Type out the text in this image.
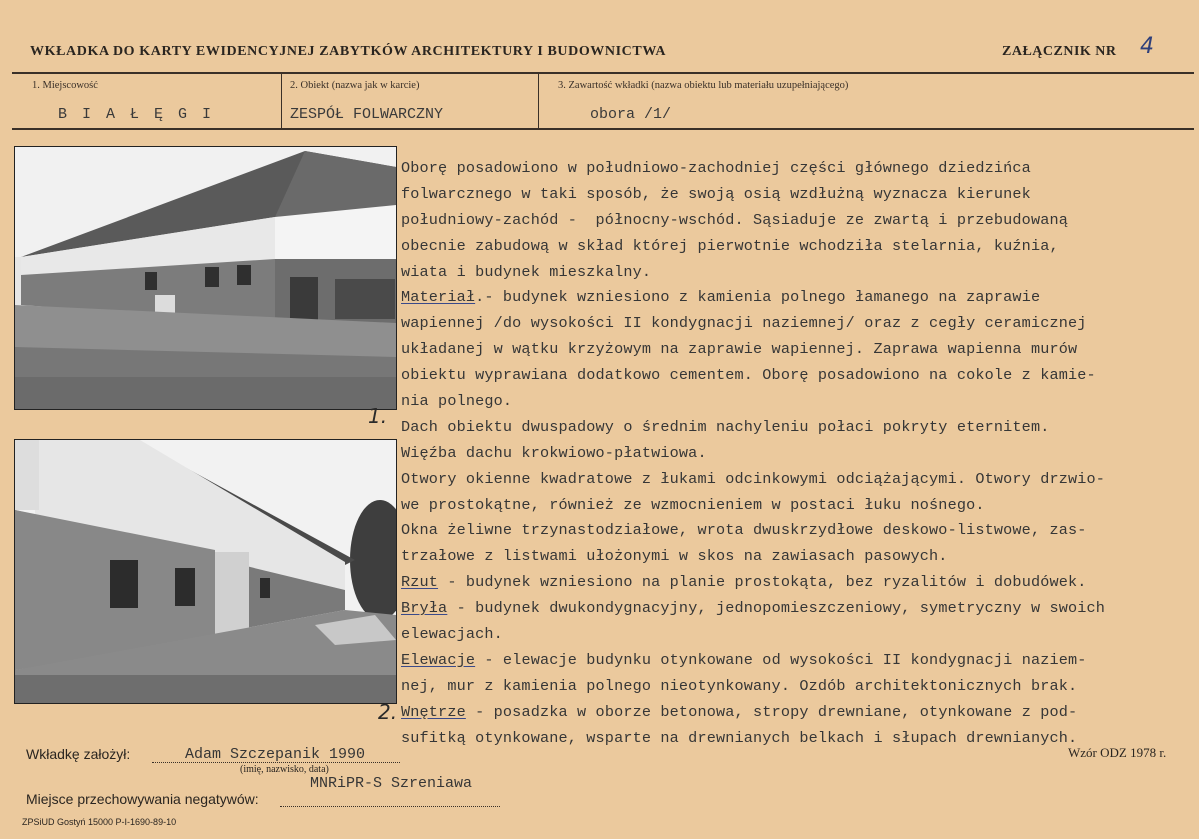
WKŁADKA DO KARTY EWIDENCYJNEJ ZABYTKÓW ARCHITEKTURY I BUDOWNICTWA	ZAŁĄCZNIK NR 4
1. Miejscowość
B I A Ł Ę G I
2. Obiekt (nazwa jak w karcie)
ZESPÓŁ FOLWARCZNY
3. Zawartość wkładki (nazwa obiektu lub materiału uzupełniającego)
obora /1/
1.
2.
Oborę posadowiono w południowo-zachodniej części głównego dziedzińca
folwarcznego w taki sposób, że swoją osią wzdłużną wyznacza kierunek
południowy-zachód -  północny-wschód. Sąsiaduje ze zwartą i przebudowaną
obecnie zabudową w skład której pierwotnie wchodziła stelarnia, kuźnia,
wiata i budynek mieszkalny.
Materiał.- budynek wzniesiono z kamienia polnego łamanego na zaprawie
wapiennej /do wysokości II kondygnacji naziemnej/ oraz z cegły ceramicznej
układanej w wątku krzyżowym na zaprawie wapiennej. Zaprawa wapienna murów
obiektu wyprawiana dodatkowo cementem. Oborę posadowiono na cokole z kamie-
nia polnego.
Dach obiektu dwuspadowy o średnim nachyleniu połaci pokryty eternitem.
Więźba dachu krokwiowo-płatwiowa.
Otwory okienne kwadratowe z łukami odcinkowymi odciążającymi. Otwory drzwio-
we prostokątne, również ze wzmocnieniem w postaci łuku nośnego.
Okna żeliwne trzynastodziałowe, wrota dwuskrzydłowe deskowo-listwowe, zas-
trzałowe z listwami ułożonymi w skos na zawiasach pasowych.
Rzut - budynek wzniesiono na planie prostokąta, bez ryzalitów i dobudówek.
Bryła - budynek dwukondygnacyjny, jednopomieszczeniowy, symetryczny w swoich
elewacjach.
Elewacje - elewacje budynku otynkowane od wysokości II kondygnacji naziem-
nej, mur z kamienia polnego nieotynkowany. Ozdób architektonicznych brak.
Wnętrze - posadzka w oborze betonowa, stropy drewniane, otynkowane z pod-
sufitką otynkowane, wsparte na drewnianych belkach i słupach drewnianych.
Wkładkę założył:	Adam Szczepanik 1990
(imię, nazwisko, data)
Miejsce przechowywania negatywów:
MNRiPR-S Szreniawa
Wzór ODZ 1978 r.
ZPSiUD Gostyń 15000 P-I-1690-89-10
